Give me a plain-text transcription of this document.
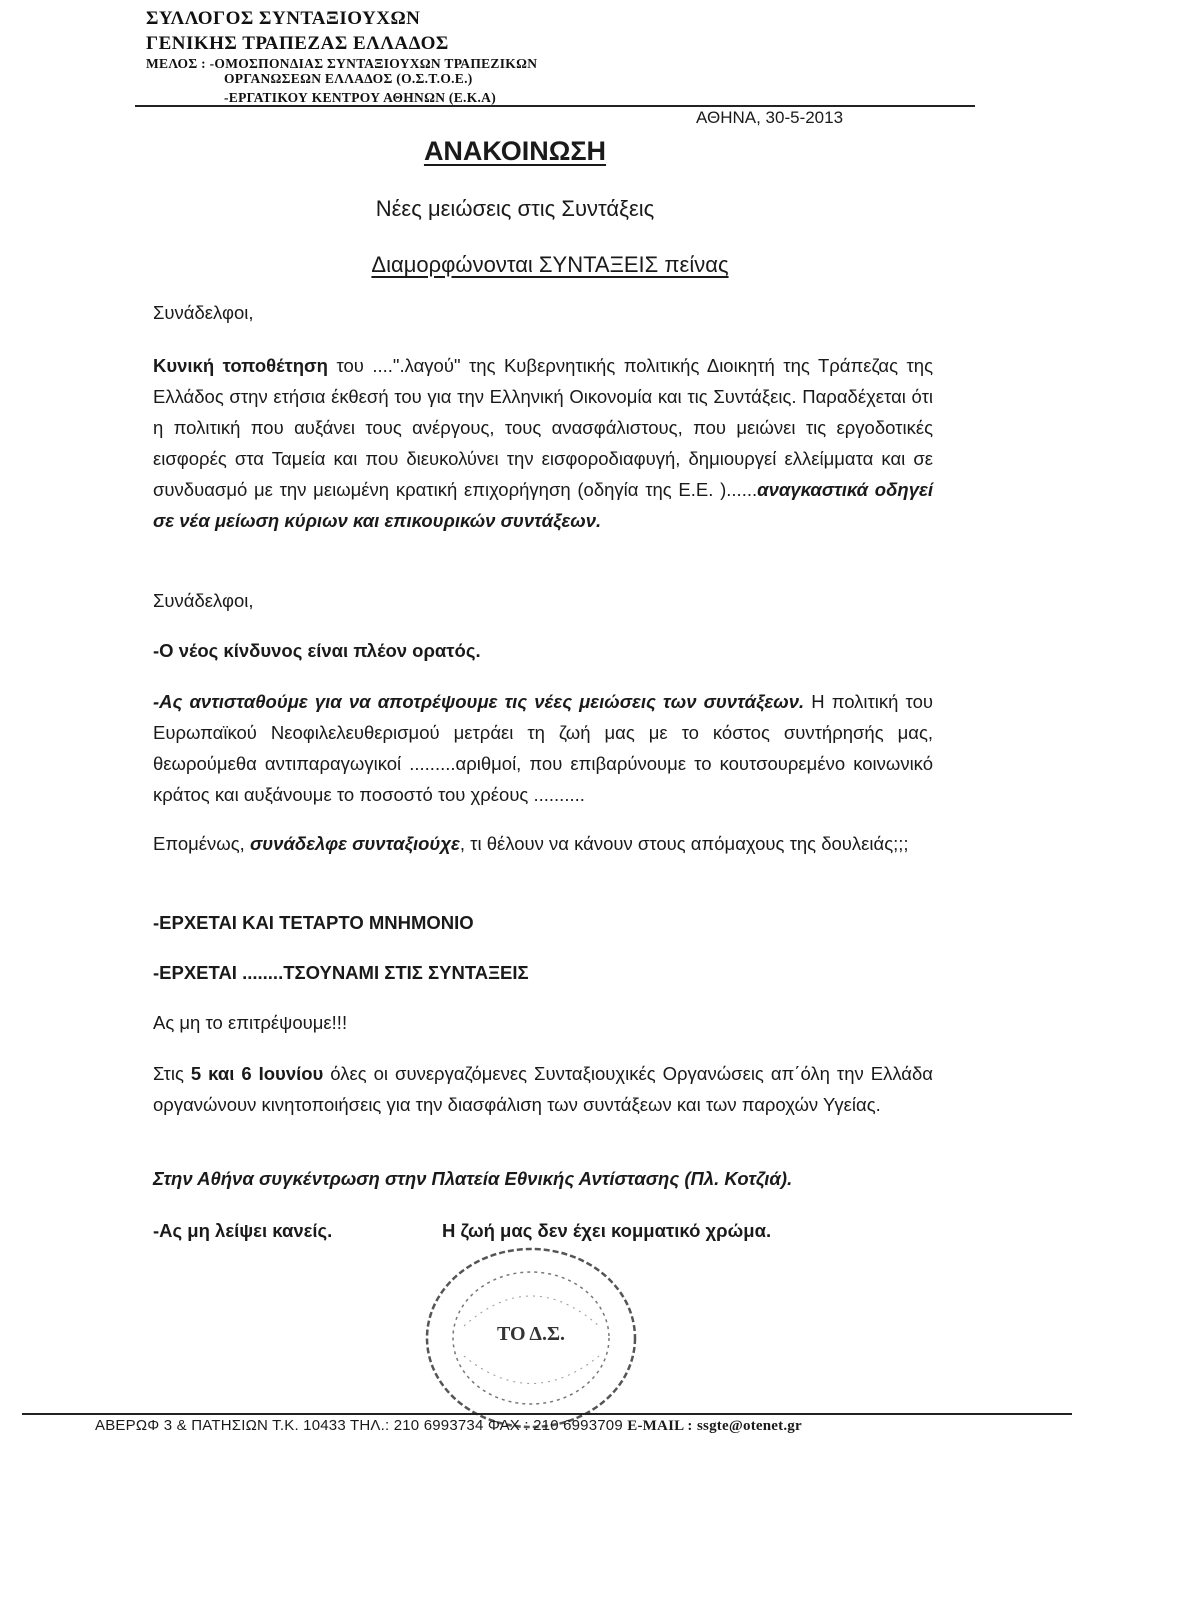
ΣΥΛΛΟΓΟΣ ΣΥΝΤΑΞΙΟΥΧΩΝ
ΓΕΝΙΚΗΣ ΤΡΑΠΕΖΑΣ ΕΛΛΑΔΟΣ
ΜΕΛΟΣ : -ΟΜΟΣΠΟΝΔΙΑΣ ΣΥΝΤΑΞΙΟΥΧΩΝ ΤΡΑΠΕΖΙΚΩΝ
ΟΡΓΑΝΩΣΕΩΝ ΕΛΛΑΔΟΣ (Ο.Σ.Τ.Ο.Ε.)
-ΕΡΓΑΤΙΚΟΥ ΚΕΝΤΡΟΥ ΑΘΗΝΩΝ (Ε.Κ.Α)
ΑΘΗΝΑ, 30-5-2013
ΑΝΑΚΟΙΝΩΣΗ
Νέες μειώσεις στις Συντάξεις
Διαμορφώνονται ΣΥΝΤΑΞΕΙΣ πείνας
Συνάδελφοι,
Κυνική τοποθέτηση του ....".λαγού" της Κυβερνητικής πολιτικής Διοικητή της Τράπεζας της Ελλάδος στην ετήσια έκθεσή του για την Ελληνική Οικονομία και τις Συντάξεις. Παραδέχεται ότι η πολιτική που αυξάνει τους ανέργους, τους ανασφάλιστους, που μειώνει τις εργοδοτικές εισφορές στα Ταμεία και που διευκολύνει την εισφοροδιαφυγή, δημιουργεί ελλείμματα και σε συνδυασμό με την μειωμένη κρατική επιχορήγηση (οδηγία της Ε.Ε. )......αναγκαστικά οδηγεί σε νέα μείωση κύριων και επικουρικών συντάξεων.
Συνάδελφοι,
-Ο νέος κίνδυνος είναι πλέον ορατός.
-Ας αντισταθούμε για να αποτρέψουμε τις νέες μειώσεις των συντάξεων. Η πολιτική του Ευρωπαϊκού Νεοφιλελευθερισμού μετράει τη ζωή μας με το κόστος συντήρησής μας, θεωρούμεθα αντιπαραγωγικοί .........αριθμοί, που επιβαρύνουμε το κουτσουρεμένο κοινωνικό κράτος και αυξάνουμε το ποσοστό του χρέους ..........
Επομένως, συνάδελφε συνταξιούχε, τι θέλουν να κάνουν στους απόμαχους της δουλειάς;;;
-ΕΡΧΕΤΑΙ ΚΑΙ ΤΕΤΑΡΤΟ ΜΝΗΜΟΝΙΟ
-ΕΡΧΕΤΑΙ ........ΤΣΟΥΝΑΜΙ ΣΤΙΣ ΣΥΝΤΑΞΕΙΣ
Ας μη το επιτρέψουμε!!!
Στις 5 και 6 Ιουνίου όλες οι συνεργαζόμενες Συνταξιουχικές Οργανώσεις απ΄όλη την Ελλάδα οργανώνουν κινητοποιήσεις για την διασφάλιση των συντάξεων και των παροχών Υγείας.
Στην Αθήνα συγκέντρωση στην Πλατεία Εθνικής Αντίστασης (Πλ. Κοτζιά).
-Ας μη λείψει κανείς.	Η ζωή μας δεν έχει κομματικό χρώμα.
ΤΟ Δ.Σ.
ΑΒΕΡΩΦ 3 & ΠΑΤΗΣΙΩΝ Τ.Κ. 10433 ΤΗΛ.: 210 6993734 ΦΑΧ : 210 6993709 E-MAIL : ssgte@otenet.gr
